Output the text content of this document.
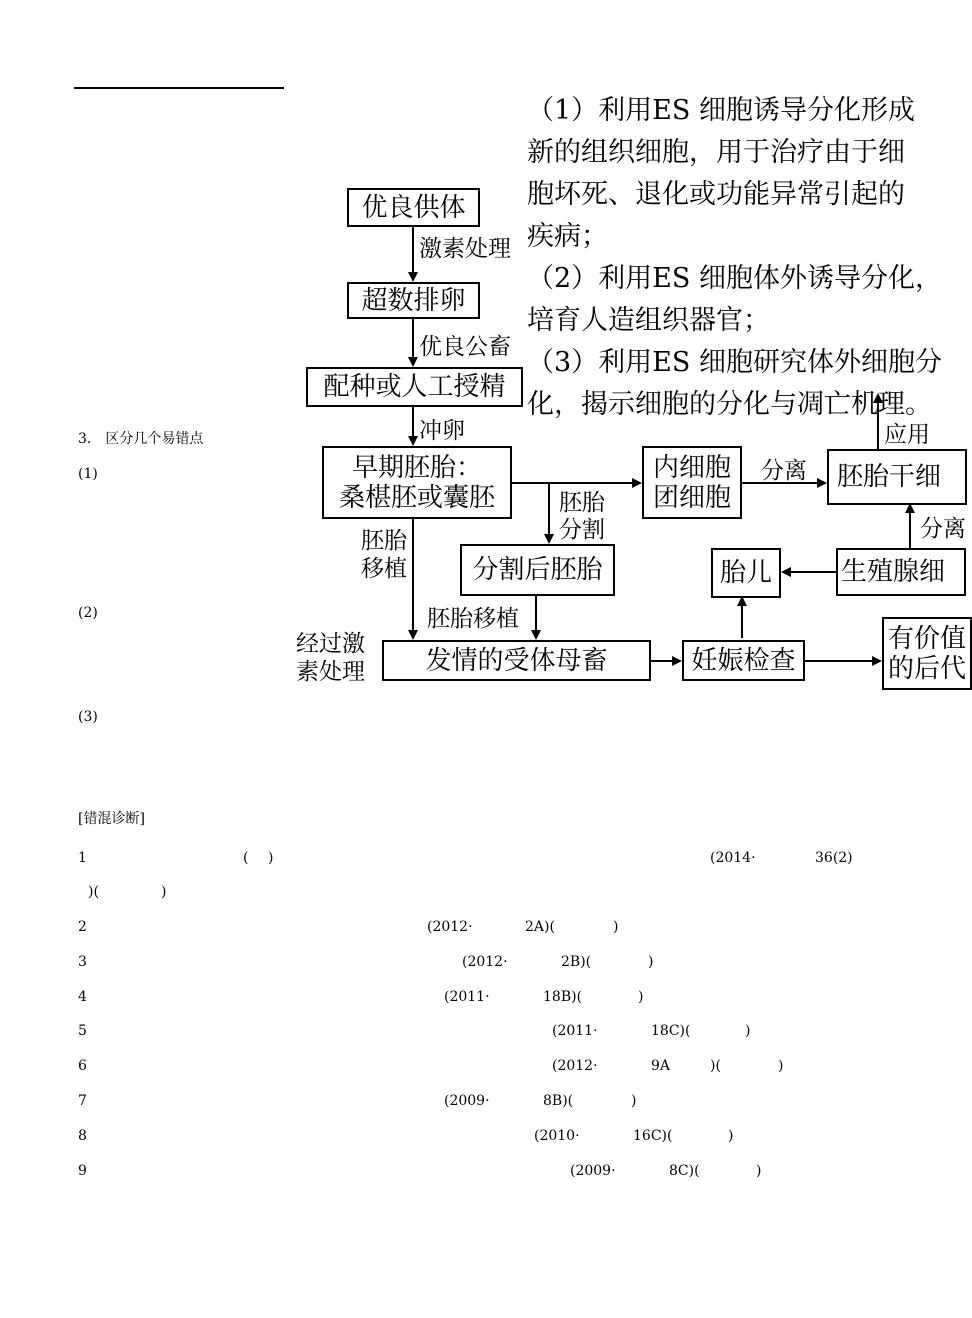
（1）利用ES 细胞诱导分化形成
新的组织细胞，用于治疗由于细
胞坏死、退化或功能异常引起的
疾病；
（2）利用ES 细胞体外诱导分化，
培育人造组织器官；
（3）利用ES 细胞研究体外细胞分
化，揭示细胞的分化与凋亡机理。
优良供体
超数排卵
配种或人工授精
早期胚胎：
桑椹胚或囊胚
内细胞
团细胞
胚胎干细
分割后胚胎	胎儿	生殖腺细
发情的受体母畜	妊娠检查
有价值
的后代
激素处理
优良公畜
冲卵
胚胎
分割
分离
应用
分离
胚胎
移植
胚胎移植
经过激
素处理
3． 区分几个易错点
(1)
(2)
(3)
[错混诊断]
1	( )	(2014·	36(2)
)(	)
2	(2012·	2A)(	)
3	(2012·	2B)(	)
4	(2011·	18B)(	)
5	(2011·	18C)(	)
6	(2012·	9A	)(	)
7	(2009·	8B)(	)
8	(2010·	16C)(	)
9	(2009·	8C)(	)
